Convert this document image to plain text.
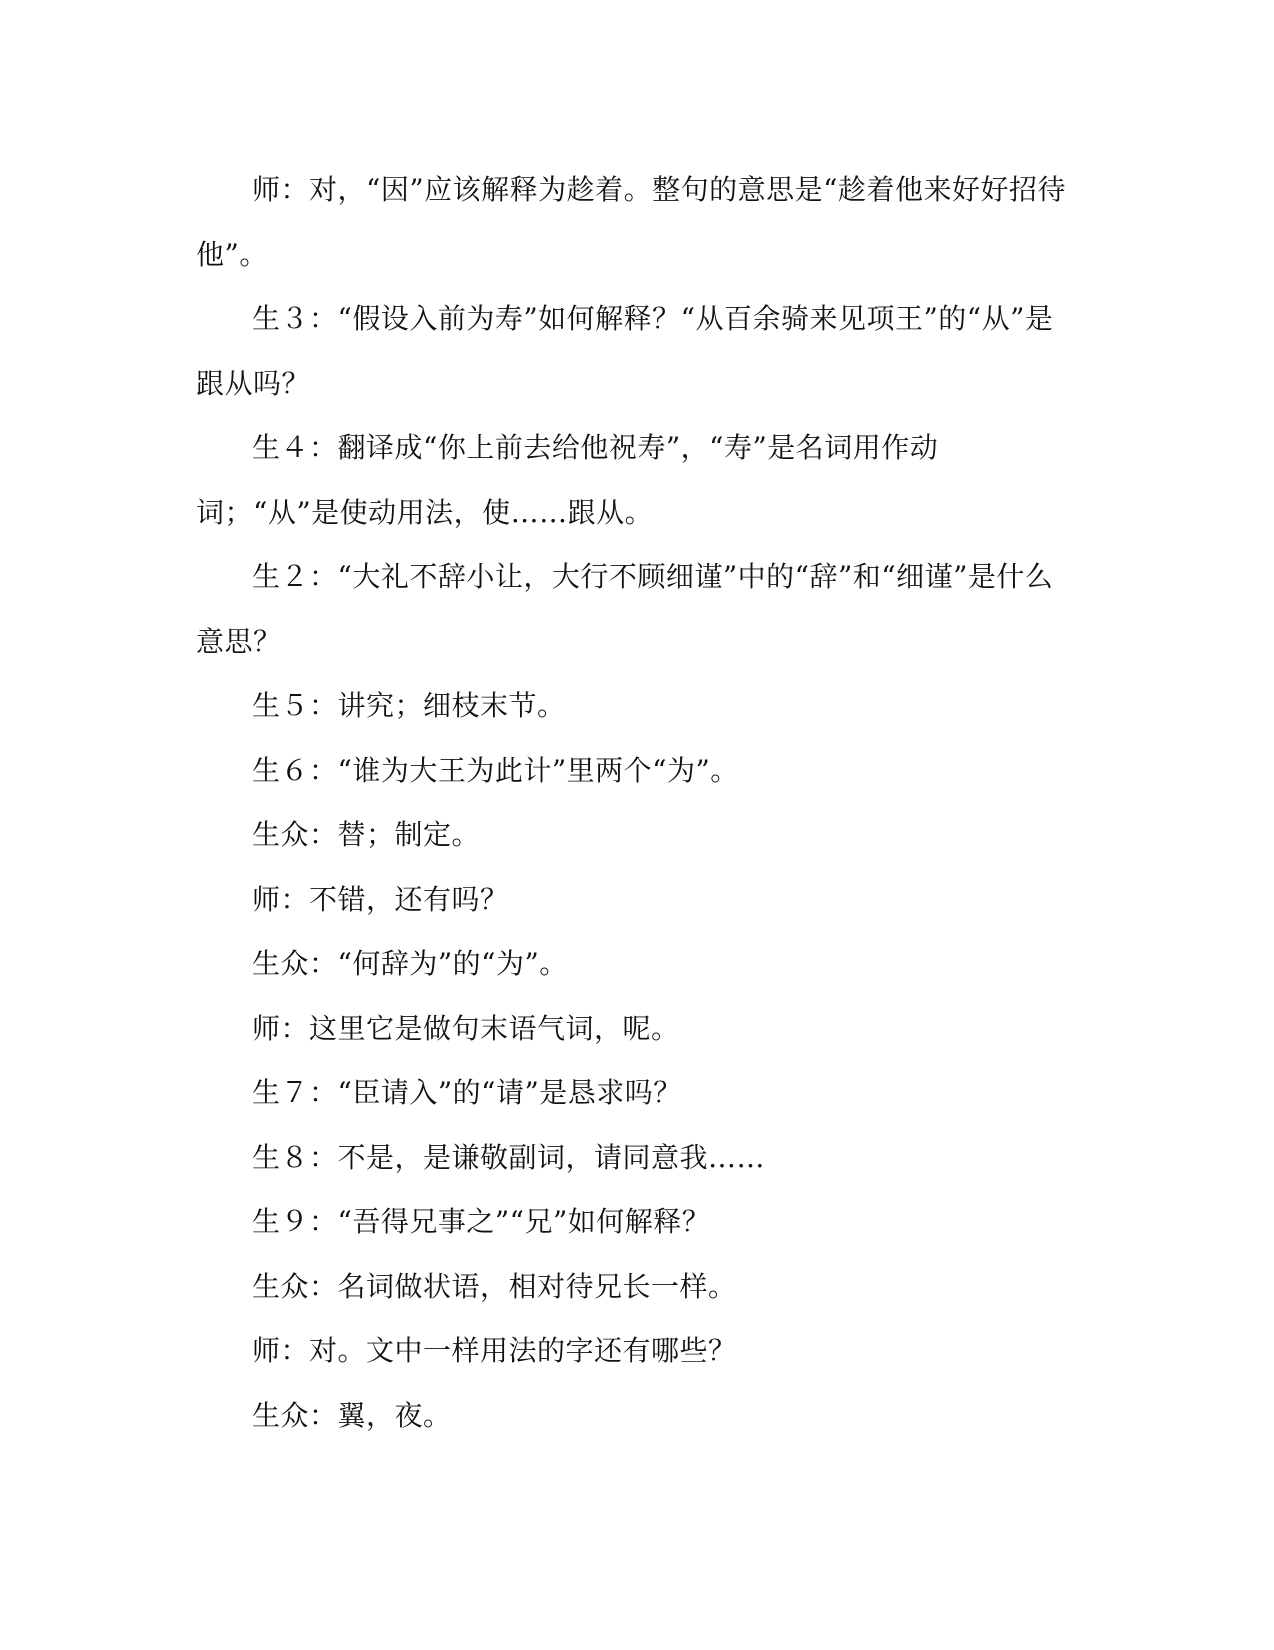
师：对，“因”应该解释为趁着。整句的意思是“趁着他来好好招待他”。

生３：“假设入前为寿”如何解释？“从百余骑来见项王”的“从”是跟从吗？

生４：翻译成“你上前去给他祝寿”，“寿”是名词用作动词；“从”是使动用法，使……跟从。

生２：“大礼不辞小让，大行不顾细谨”中的“辞”和“细谨”是什么意思？

生５：讲究；细枝末节。

生６：“谁为大王为此计”里两个“为”。

生众：替；制定。

师：不错，还有吗？

生众：“何辞为”的“为”。

师：这里它是做句末语气词，呢。

生７：“臣请入”的“请”是恳求吗？

生８：不是，是谦敬副词，请同意我……

生９：“吾得兄事之”“兄”如何解释？

生众：名词做状语，相对待兄长一样。

师：对。文中一样用法的字还有哪些？

生众：翼，夜。
